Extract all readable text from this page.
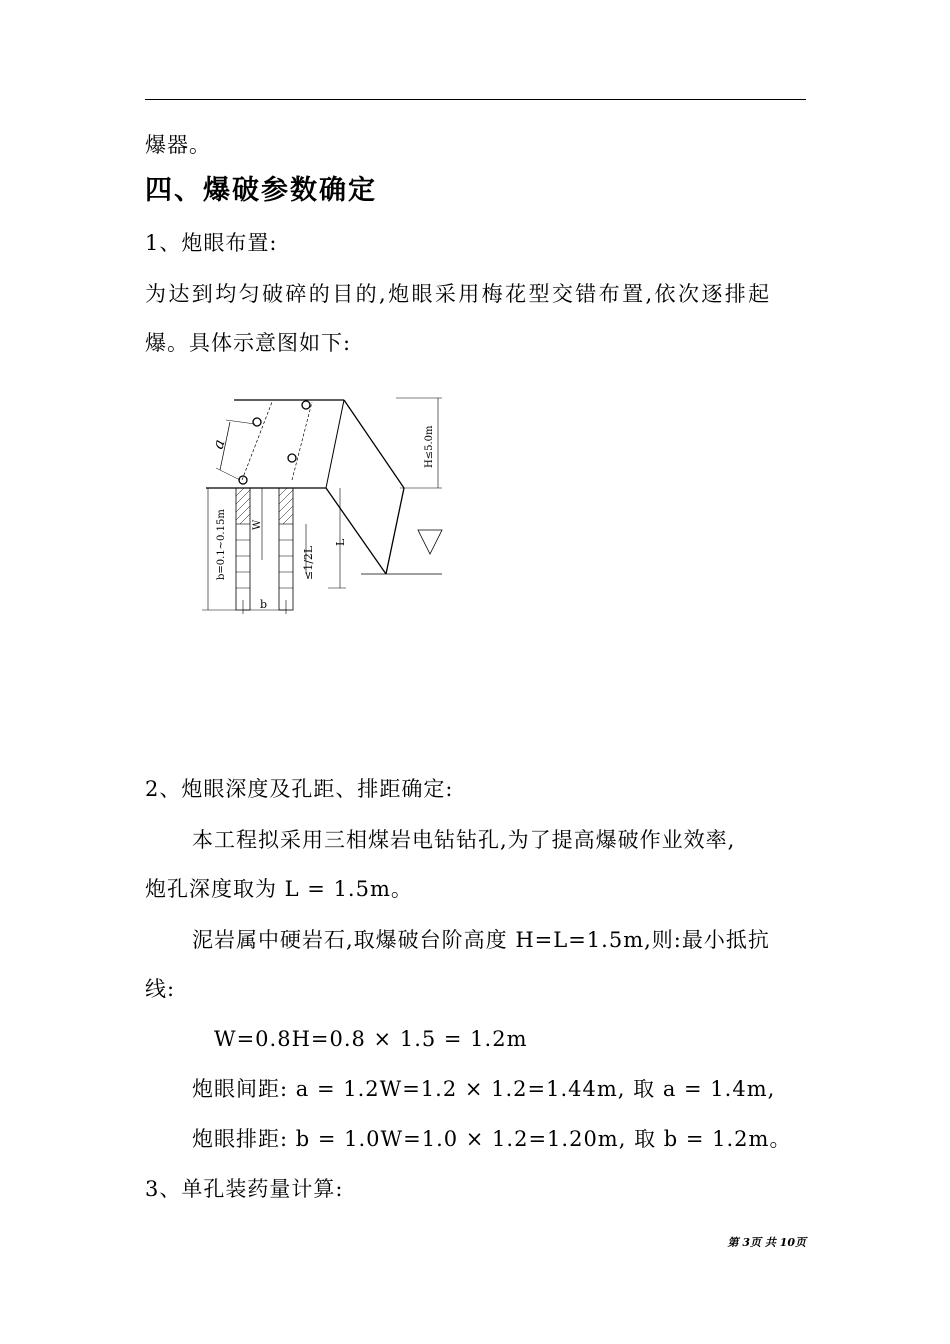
爆器。
四、爆破参数确定
1、炮眼布置:
为达到均匀破碎的目的,炮眼采用梅花型交错布置,依次逐排起
爆。具体示意图如下:
a	H≤5.0m
b=0.1~0.15m	W
≤1/2L
L
b
2、炮眼深度及孔距、排距确定:
本工程拟采用三相煤岩电钻钻孔,为了提高爆破作业效率,
炮孔深度取为 L = 1.5m。
泥岩属中硬岩石,取爆破台阶高度 H=L=1.5m,则:最小抵抗
线:
W=0.8H=0.8 × 1.5 = 1.2m
炮眼间距: a = 1.2W=1.2 × 1.2=1.44m, 取 a = 1.4m,
炮眼排距: b = 1.0W=1.0 × 1.2=1.20m, 取 b = 1.2m。
3、单孔装药量计算:
第 3页 共 10页
